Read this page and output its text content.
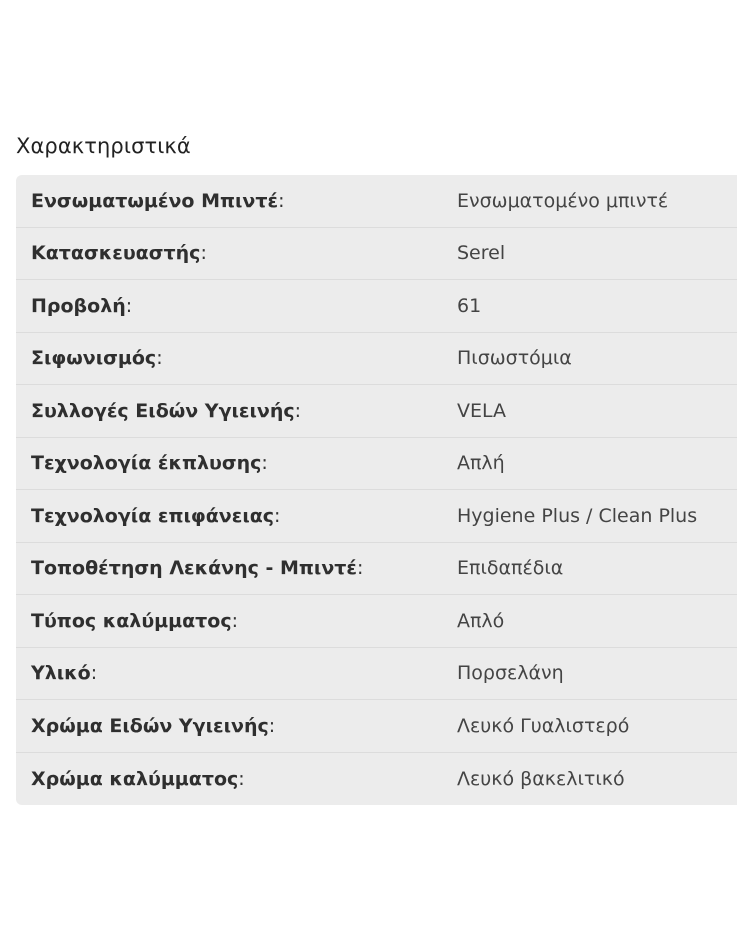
Χαρακτηριστικά
Ενσωματωμένο Μπιντέ:	Ενσωματομένο μπιντέ
Κατασκευαστής:	Serel
Προβολή:	61
Σιφωνισμός:	Πισωστόμια
Συλλογές Ειδών Υγιεινής:	VELA
Τεχνολογία έκπλυσης:	Απλή
Τεχνολογία επιφάνειας:	Hygiene Plus / Clean Plus
Τοποθέτηση Λεκάνης - Μπιντέ:	Επιδαπέδια
Τύπος καλύμματος:	Απλό
Υλικό:	Πορσελάνη
Χρώμα Ειδών Υγιεινής:	Λευκό Γυαλιστερό
Χρώμα καλύμματος:	Λευκό βακελιτικό
